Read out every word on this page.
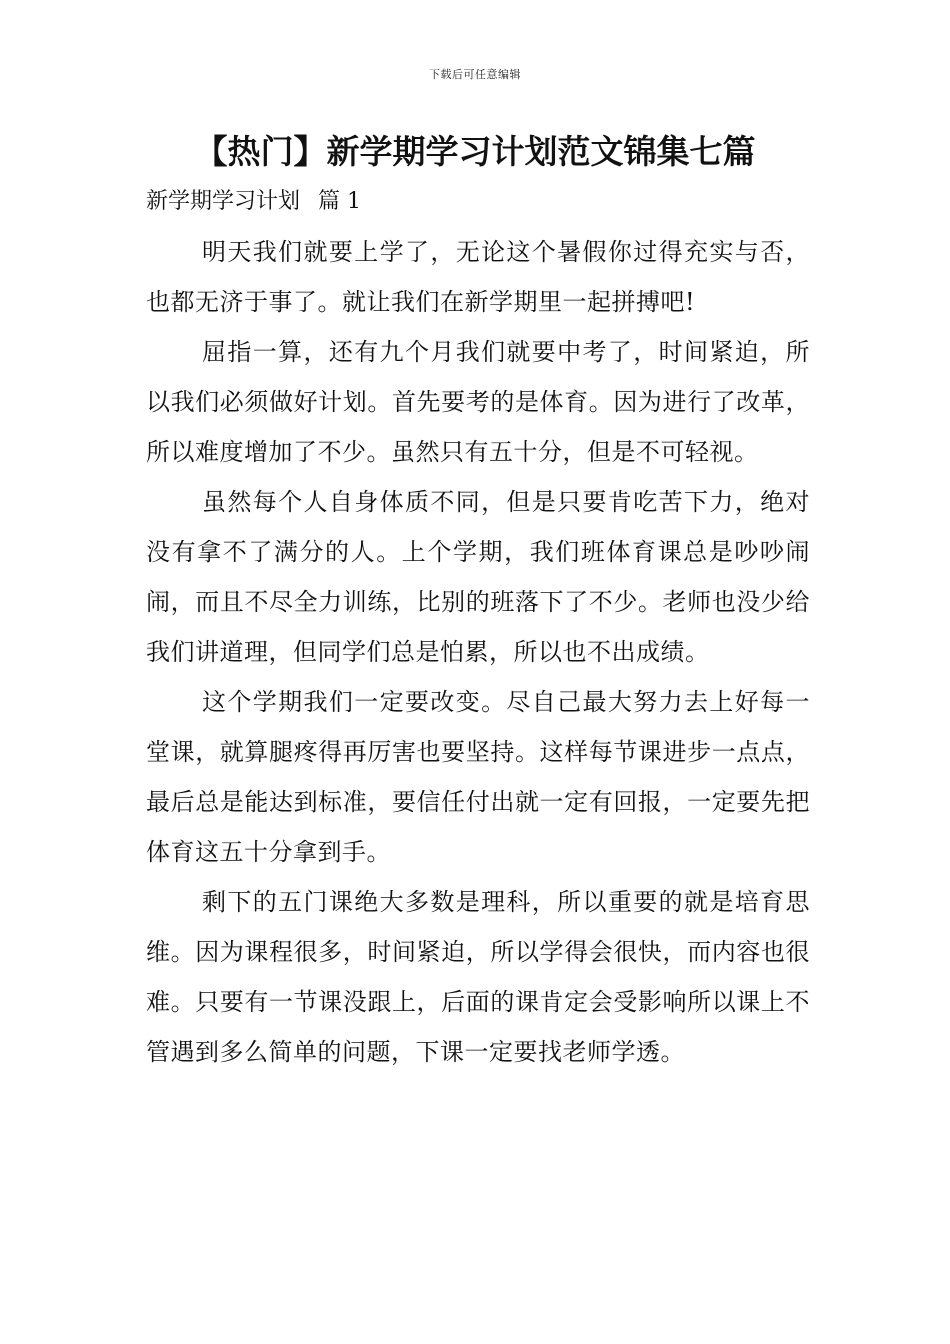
下载后可任意编辑
【热门】新学期学习计划范文锦集七篇
新学期学习计划 篇 1

明天我们就要上学了，无论这个暑假你过得充实与否，也都无济于事了。就让我们在新学期里一起拼搏吧!

屈指一算，还有九个月我们就要中考了，时间紧迫，所以我们必须做好计划。首先要考的是体育。因为进行了改革，所以难度增加了不少。虽然只有五十分，但是不可轻视。

虽然每个人自身体质不同，但是只要肯吃苦下力，绝对没有拿不了满分的人。上个学期，我们班体育课总是吵吵闹闹，而且不尽全力训练，比别的班落下了不少。老师也没少给我们讲道理，但同学们总是怕累，所以也不出成绩。

这个学期我们一定要改变。尽自己最大努力去上好每一堂课，就算腿疼得再厉害也要坚持。这样每节课进步一点点，最后总是能达到标准，要信任付出就一定有回报，一定要先把体育这五十分拿到手。

剩下的五门课绝大多数是理科，所以重要的就是培育思维。因为课程很多，时间紧迫，所以学得会很快，而内容也很难。只要有一节课没跟上，后面的课肯定会受影响所以课上不管遇到多么简单的问题，下课一定要找老师学透。
